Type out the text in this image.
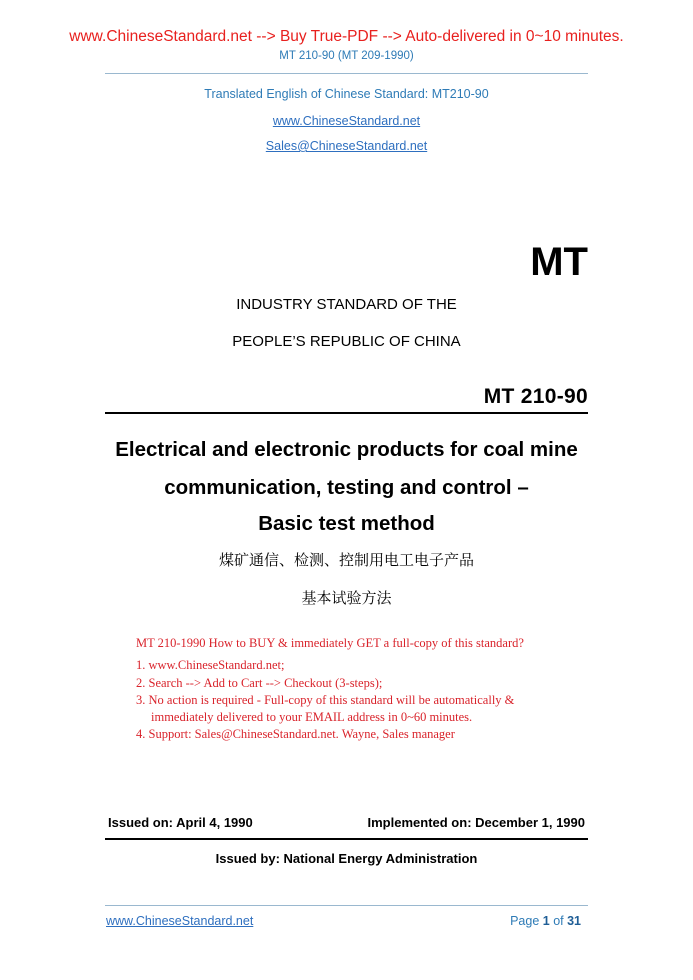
www.ChineseStandard.net --> Buy True-PDF --> Auto-delivered in 0~10 minutes.
MT 210-90 (MT 209-1990)
Translated English of Chinese Standard: MT210-90
www.ChineseStandard.net
Sales@ChineseStandard.net
MT
INDUSTRY STANDARD OF THE
PEOPLE’S REPUBLIC OF CHINA
MT 210-90
Electrical and electronic products for coal mine
communication, testing and control –
Basic test method
煤矿通信、检测、控制用电工电子产品
基本试验方法
MT 210-1990 How to BUY & immediately GET a full-copy of this standard?
1. www.ChineseStandard.net;
2. Search --> Add to Cart --> Checkout (3-steps);
3. No action is required - Full-copy of this standard will be automatically &
immediately delivered to your EMAIL address in 0~60 minutes.
4. Support: Sales@ChineseStandard.net. Wayne, Sales manager
Issued on: April 4, 1990	Implemented on: December 1, 1990
Issued by: National Energy Administration
www.ChineseStandard.net	Page 1 of 31
